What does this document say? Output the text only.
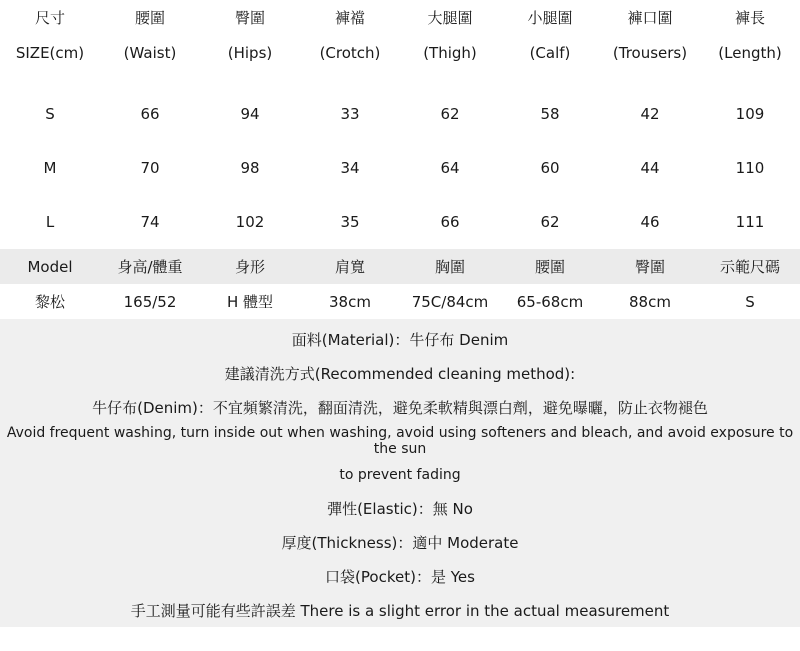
尺寸	腰圍	臀圍	褲襠	大腿圍	小腿圍	褲口圍	褲長
SIZE(cm)	(Waist)	(Hips)	(Crotch)	(Thigh)	(Calf)	(Trousers)	(Length)
S	66	94	33	62	58	42	109
M	70	98	34	64	60	44	110
L	74	102	35	66	62	46	111
Model	身高/體重	身形	肩寬	胸圍	腰圍	臀圍	示範尺碼
黎松	165/52	H 體型	38cm	75C/84cm	65-68cm	88cm	S

面料(Material)：牛仔布 Denim

建議清洗方式(Recommended cleaning method):

牛仔布(Denim)：不宜頻繁清洗，翻面清洗，避免柔軟精與漂白劑，避免曝曬，防止衣物褪色

Avoid frequent washing, turn inside out when washing, avoid using softeners and bleach, and avoid exposure to the sun

to prevent fading

彈性(Elastic)：無 No

厚度(Thickness)：適中 Moderate

口袋(Pocket)：是 Yes

手工測量可能有些許誤差 There is a slight error in the actual measurement
